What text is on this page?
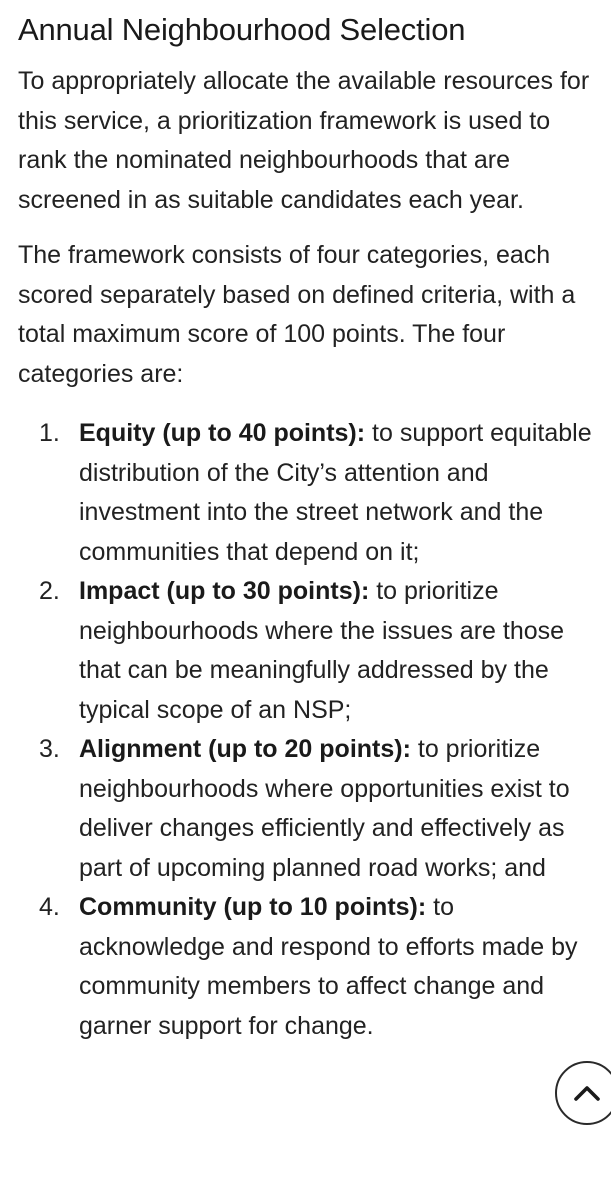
Annual Neighbourhood Selection

To appropriately allocate the available resources for this service, a prioritization framework is used to rank the nominated neighbourhoods that are screened in as suitable candidates each year.

The framework consists of four categories, each scored separately based on defined criteria, with a total maximum score of 100 points. The four categories are:

1. Equity (up to 40 points): to support equitable distribution of the City’s attention and investment into the street network and the communities that depend on it;
2. Impact (up to 30 points): to prioritize neighbourhoods where the issues are those that can be meaningfully addressed by the typical scope of an NSP;
3. Alignment (up to 20 points): to prioritize neighbourhoods where opportunities exist to deliver changes efficiently and effectively as part of upcoming planned road works; and
4. Community (up to 10 points): to acknowledge and respond to efforts made by community members to affect change and garner support for change.
